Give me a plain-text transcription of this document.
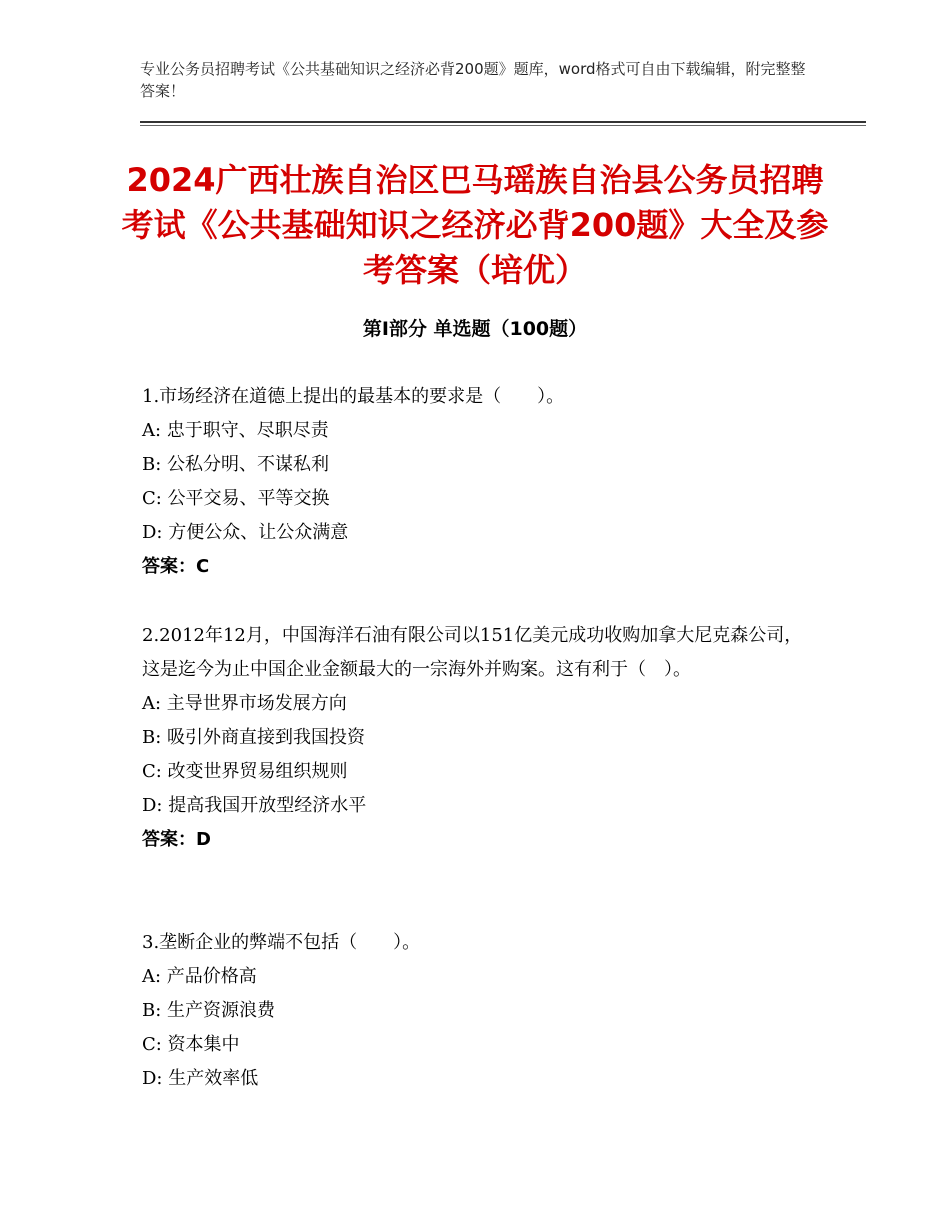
专业公务员招聘考试《公共基础知识之经济必背200题》题库，word格式可自由下载编辑，附完整整答案！
2024广西壮族自治区巴马瑶族自治县公务员招聘考试《公共基础知识之经济必背200题》大全及参考答案（培优）
第Ⅰ部分 单选题（100题）

1.市场经济在道德上提出的最基本的要求是（　　）。

A: 忠于职守、尽职尽责

B: 公私分明、不谋私利

C: 公平交易、平等交换

D: 方便公众、让公众满意

答案：C

2.2012年12月，中国海洋石油有限公司以151亿美元成功收购加拿大尼克森公司，这是迄今为止中国企业金额最大的一宗海外并购案。这有利于（　）。

A: 主导世界市场发展方向

B: 吸引外商直接到我国投资

C: 改变世界贸易组织规则

D: 提高我国开放型经济水平

答案：D

3.垄断企业的弊端不包括（　　）。

A: 产品价格高

B: 生产资源浪费

C: 资本集中

D: 生产效率低
